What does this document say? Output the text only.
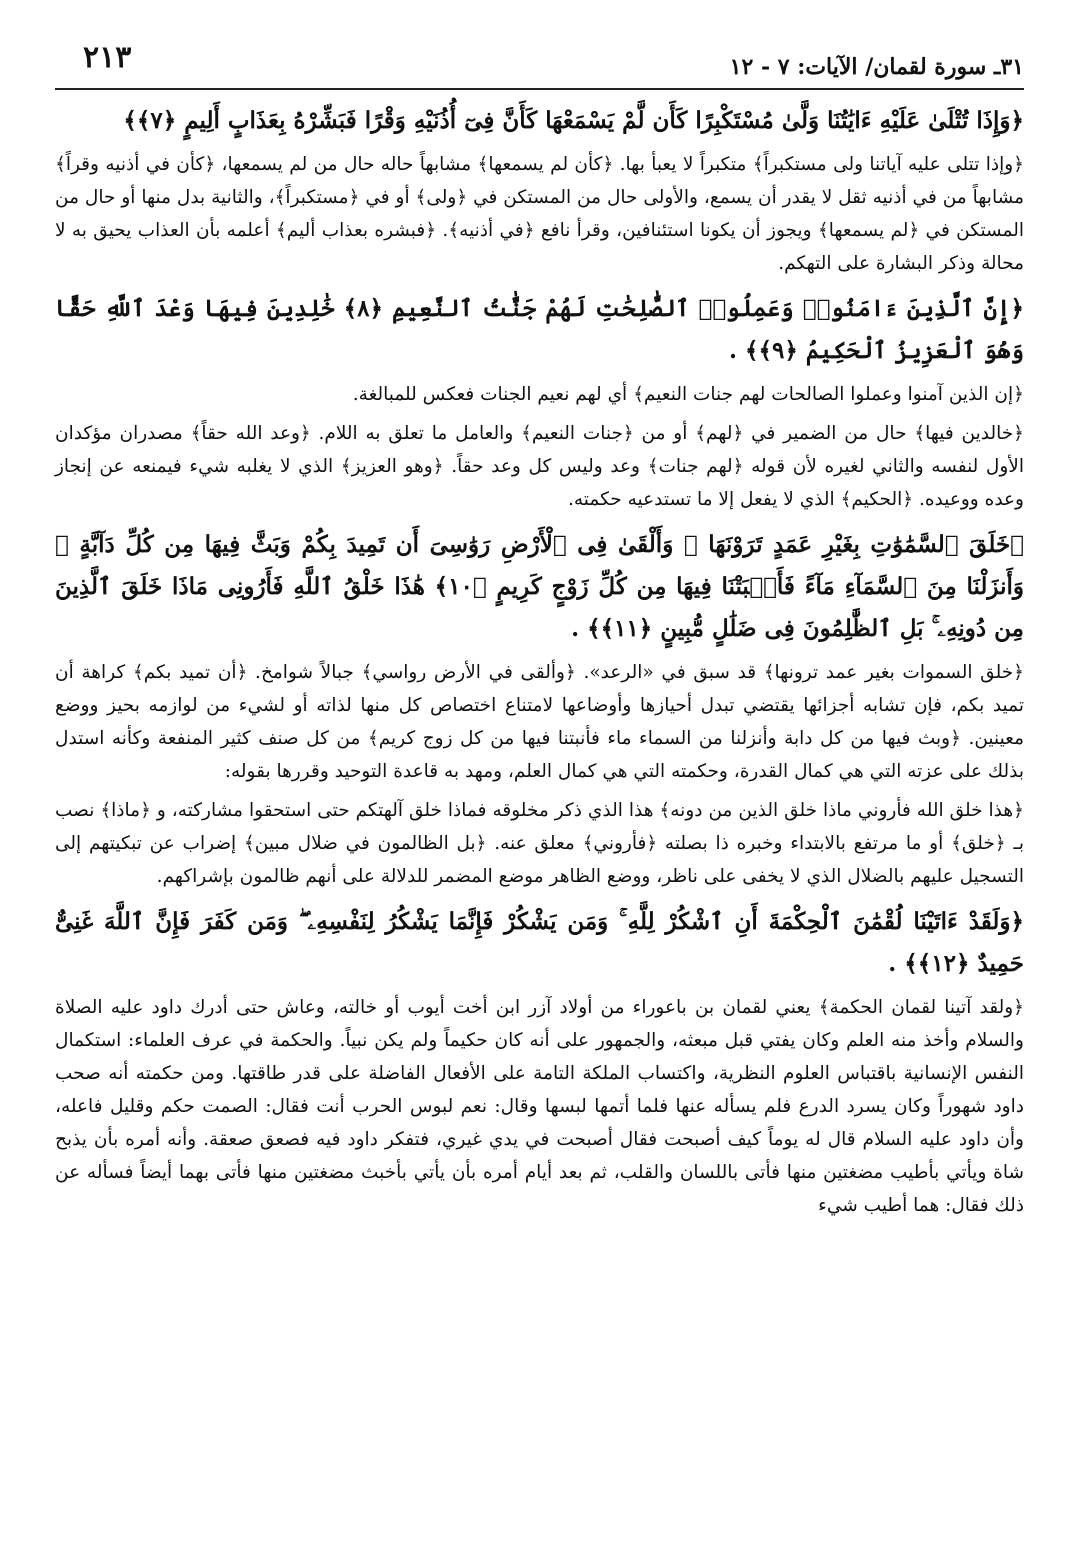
٢١٣	٣١ـ سورة لقمان/ الآيات: ٧ - ١٢

﴿وَإِذَا تُتْلَىٰ عَلَيْهِ ءَايَٰتُنَا وَلَّىٰ مُسْتَكْبِرًا كَأَن لَّمْ يَسْمَعْهَا كَأَنَّ فِىٓ أُذُنَيْهِ وَقْرًا فَبَشِّرْهُ بِعَذَابٍ أَلِيمٍ ﴿٧﴾﴾

﴿وإذا تتلى عليه آياتنا ولى مستكبراً﴾ متكبراً لا يعبأ بها. ﴿كأن لم يسمعها﴾ مشابهاً حاله حال من لم يسمعها، ﴿كأن في أذنيه وقراً﴾ مشابهاً من في أذنيه ثقل لا يقدر أن يسمع، والأولى حال من المستكن في ﴿ولى﴾ أو في ﴿مستكبراً﴾، والثانية بدل منها أو حال من المستكن في ﴿لم يسمعها﴾ ويجوز أن يكونا استئنافين، وقرأ نافع ﴿في أذنيه﴾. ﴿فبشره بعذاب أليم﴾ أعلمه بأن العذاب يحيق به لا محالة وذكر البشارة على التهكم.

﴿إِنَّ ٱلَّذِينَ ءَامَنُوا۟ وَعَمِلُوا۟ ٱلصَّٰلِحَٰتِ لَهُمْ جَنَّٰتُ ٱلنَّعِيمِ ﴿٨﴾ خَٰلِدِينَ فِيهَا وَعْدَ ٱللَّهِ حَقًّا وَهُوَ ٱلْعَزِيزُ ٱلْحَكِيمُ ﴿٩﴾﴾ .

﴿إن الذين آمنوا وعملوا الصالحات لهم جنات النعيم﴾ أي لهم نعيم الجنات فعكس للمبالغة.

﴿خالدين فيها﴾ حال من الضمير في ﴿لهم﴾ أو من ﴿جنات النعيم﴾ والعامل ما تعلق به اللام. ﴿وعد الله حقاً﴾ مصدران مؤكدان الأول لنفسه والثاني لغيره لأن قوله ﴿لهم جنات﴾ وعد وليس كل وعد حقاً. ﴿وهو العزيز﴾ الذي لا يغلبه شيء فيمنعه عن إنجاز وعده ووعيده. ﴿الحكيم﴾ الذي لا يفعل إلا ما تستدعيه حكمته.

﴿خَلَقَ ٱلسَّمَٰوَٰتِ بِغَيْرِ عَمَدٍ تَرَوْنَهَا ۖ وَأَلْقَىٰ فِى ٱلْأَرْضِ رَوَٰسِىَ أَن تَمِيدَ بِكُمْ وَبَثَّ فِيهَا مِن كُلِّ دَآبَّةٍ ۚ وَأَنزَلْنَا مِنَ ٱلسَّمَآءِ مَآءً فَأَنۢبَتْنَا فِيهَا مِن كُلِّ زَوْجٍ كَرِيمٍ ﴿١٠﴾ هَٰذَا خَلْقُ ٱللَّهِ فَأَرُونِى مَاذَا خَلَقَ ٱلَّذِينَ مِن دُونِهِۦ ۚ بَلِ ٱلظَّٰلِمُونَ فِى ضَلَٰلٍ مُّبِينٍ ﴿١١﴾﴾ .

﴿خلق السموات بغير عمد ترونها﴾ قد سبق في «الرعد». ﴿وألقى في الأرض رواسي﴾ جبالاً شوامخ. ﴿أن تميد بكم﴾ كراهة أن تميد بكم، فإن تشابه أجزائها يقتضي تبدل أحيازها وأوضاعها لامتناع اختصاص كل منها لذاته أو لشيء من لوازمه بحيز ووضع معينين. ﴿وبث فيها من كل دابة وأنزلنا من السماء ماء فأنبتنا فيها من كل زوج كريم﴾ من كل صنف كثير المنفعة وكأنه استدل بذلك على عزته التي هي كمال القدرة، وحكمته التي هي كمال العلم، ومهد به قاعدة التوحيد وقررها بقوله:

﴿هذا خلق الله فأروني ماذا خلق الذين من دونه﴾ هذا الذي ذكر مخلوقه فماذا خلق آلهتكم حتى استحقوا مشاركته، و ﴿ماذا﴾ نصب بـ ﴿خلق﴾ أو ما مرتفع بالابتداء وخبره ذا بصلته ﴿فأروني﴾ معلق عنه. ﴿بل الظالمون في ضلال مبين﴾ إضراب عن تبكيتهم إلى التسجيل عليهم بالضلال الذي لا يخفى على ناظر، ووضع الظاهر موضع المضمر للدلالة على أنهم ظالمون بإشراكهم.

﴿وَلَقَدْ ءَاتَيْنَا لُقْمَٰنَ ٱلْحِكْمَةَ أَنِ ٱشْكُرْ لِلَّهِ ۚ وَمَن يَشْكُرْ فَإِنَّمَا يَشْكُرُ لِنَفْسِهِۦ ۖ وَمَن كَفَرَ فَإِنَّ ٱللَّهَ غَنِىٌّ حَمِيدٌ ﴿١٢﴾﴾ .

﴿ولقد آتينا لقمان الحكمة﴾ يعني لقمان بن باعوراء من أولاد آزر ابن أخت أيوب أو خالته، وعاش حتى أدرك داود عليه الصلاة والسلام وأخذ منه العلم وكان يفتي قبل مبعثه، والجمهور على أنه كان حكيماً ولم يكن نبياً. والحكمة في عرف العلماء: استكمال النفس الإنسانية باقتباس العلوم النظرية، واكتساب الملكة التامة على الأفعال الفاضلة على قدر طاقتها. ومن حكمته أنه صحب داود شهوراً وكان يسرد الدرع فلم يسأله عنها فلما أتمها لبسها وقال: نعم لبوس الحرب أنت فقال: الصمت حكم وقليل فاعله، وأن داود عليه السلام قال له يوماً كيف أصبحت فقال أصبحت في يدي غيري، فتفكر داود فيه فصعق صعقة. وأنه أمره بأن يذبح شاة ويأتي بأطيب مضغتين منها فأتى باللسان والقلب، ثم بعد أيام أمره بأن يأتي بأخبث مضغتين منها فأتى بهما أيضاً فسأله عن ذلك فقال: هما أطيب شيء
